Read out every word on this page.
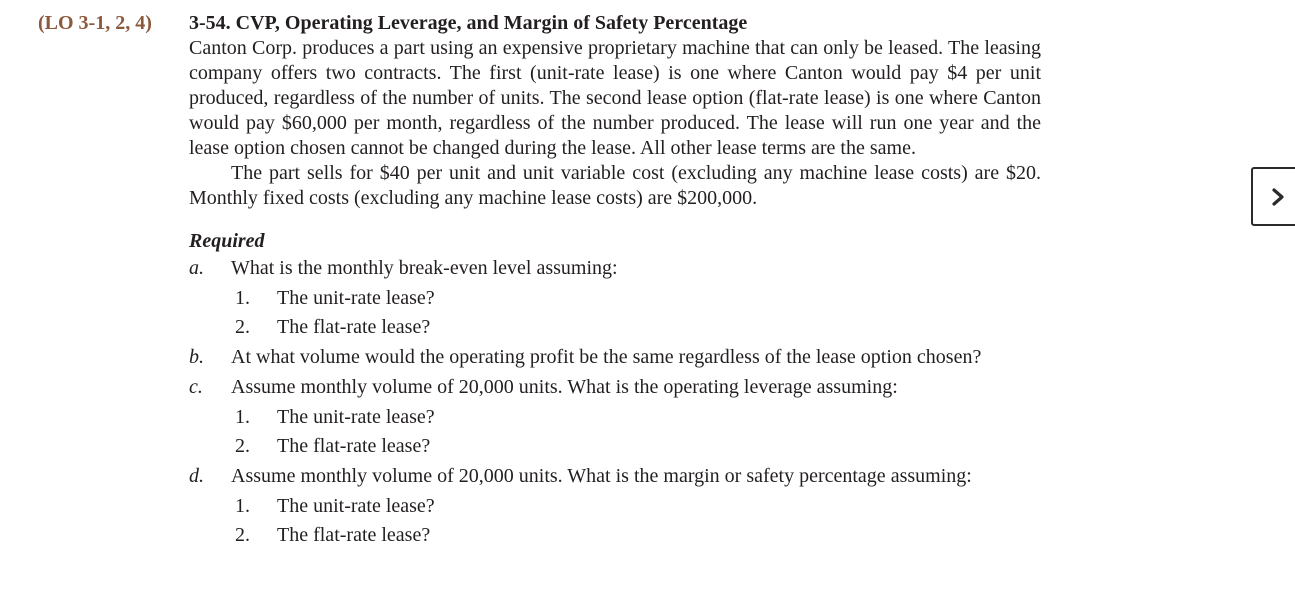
(LO 3-1, 2, 4) 3-54. CVP, Operating Leverage, and Margin of Safety Percentage

Canton Corp. produces a part using an expensive proprietary machine that can only be leased. The leasing company offers two contracts. The first (unit-rate lease) is one where Canton would pay $4 per unit produced, regardless of the number of units. The second lease option (flat-rate lease) is one where Canton would pay $60,000 per month, regardless of the number produced. The lease will run one year and the lease option chosen cannot be changed during the lease. All other lease terms are the same.

The part sells for $40 per unit and unit variable cost (excluding any machine lease costs) are $20. Monthly fixed costs (excluding any machine lease costs) are $200,000.

Required
a.	What is the monthly break-even level assuming:
1.	The unit-rate lease?
2.	The flat-rate lease?
b.	At what volume would the operating profit be the same regardless of the lease option chosen?
c.	Assume monthly volume of 20,000 units. What is the operating leverage assuming:
1.	The unit-rate lease?
2.	The flat-rate lease?
d.	Assume monthly volume of 20,000 units. What is the margin or safety percentage assuming:
1.	The unit-rate lease?
2.	The flat-rate lease?
